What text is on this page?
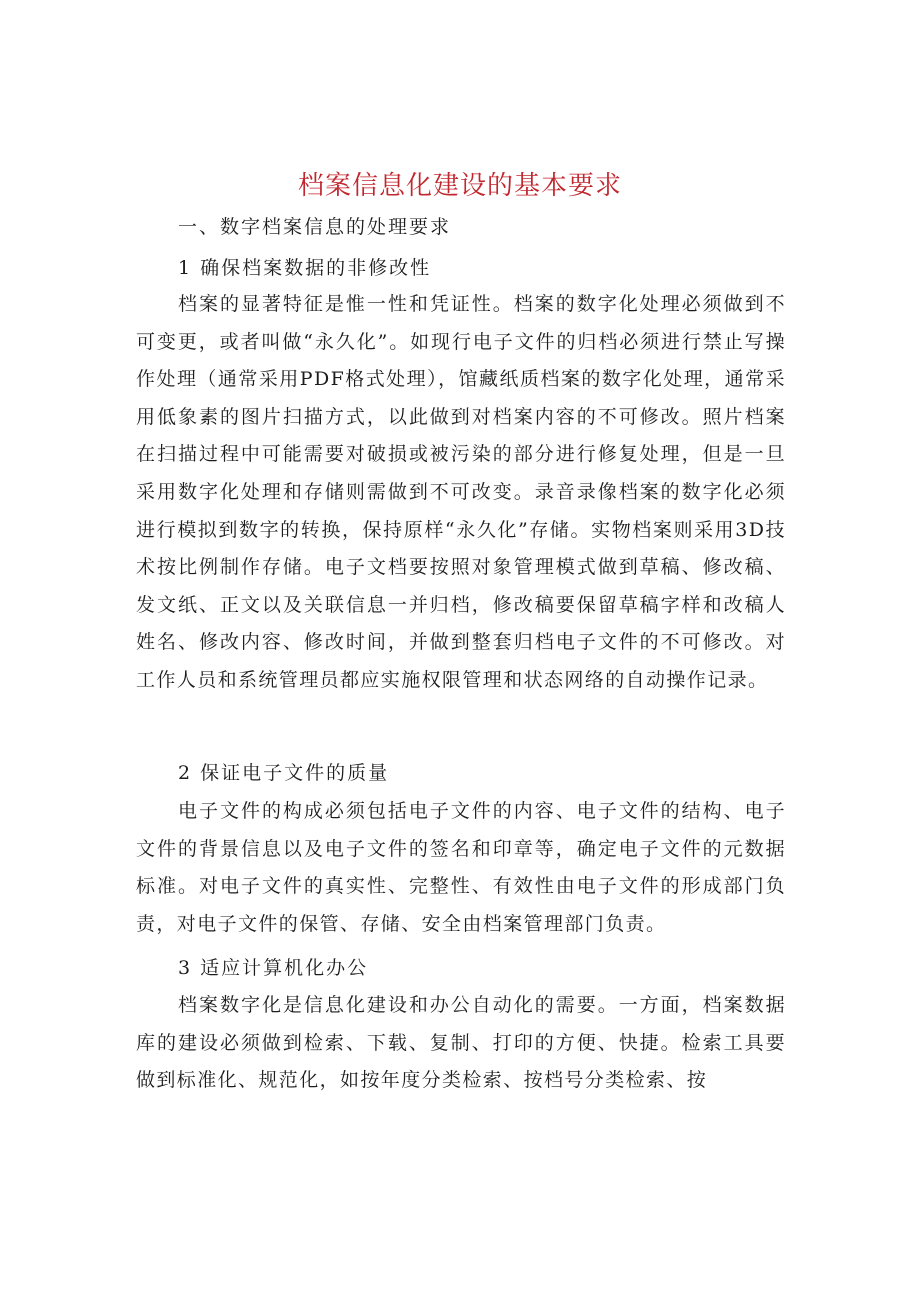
档案信息化建设的基本要求
一、数字档案信息的处理要求
1 确保档案数据的非修改性

档案的显著特征是惟一性和凭证性。档案的数字化处理必须做到不可变更，或者叫做“永久化”。如现行电子文件的归档必须进行禁止写操作处理（通常采用PDF格式处理），馆藏纸质档案的数字化处理，通常采用低象素的图片扫描方式，以此做到对档案内容的不可修改。照片档案在扫描过程中可能需要对破损或被污染的部分进行修复处理，但是一旦采用数字化处理和存储则需做到不可改变。录音录像档案的数字化必须进行模拟到数字的转换，保持原样“永久化”存储。实物档案则采用3D技术按比例制作存储。电子文档要按照对象管理模式做到草稿、修改稿、发文纸、正文以及关联信息一并归档，修改稿要保留草稿字样和改稿人姓名、修改内容、修改时间，并做到整套归档电子文件的不可修改。对工作人员和系统管理员都应实施权限管理和状态网络的自动操作记录。

2 保证电子文件的质量

电子文件的构成必须包括电子文件的内容、电子文件的结构、电子文件的背景信息以及电子文件的签名和印章等，确定电子文件的元数据标准。对电子文件的真实性、完整性、有效性由电子文件的形成部门负责，对电子文件的保管、存储、安全由档案管理部门负责。

3 适应计算机化办公

档案数字化是信息化建设和办公自动化的需要。一方面，档案数据库的建设必须做到检索、下载、复制、打印的方便、快捷。检索工具要做到标准化、规范化，如按年度分类检索、按档号分类检索、按
